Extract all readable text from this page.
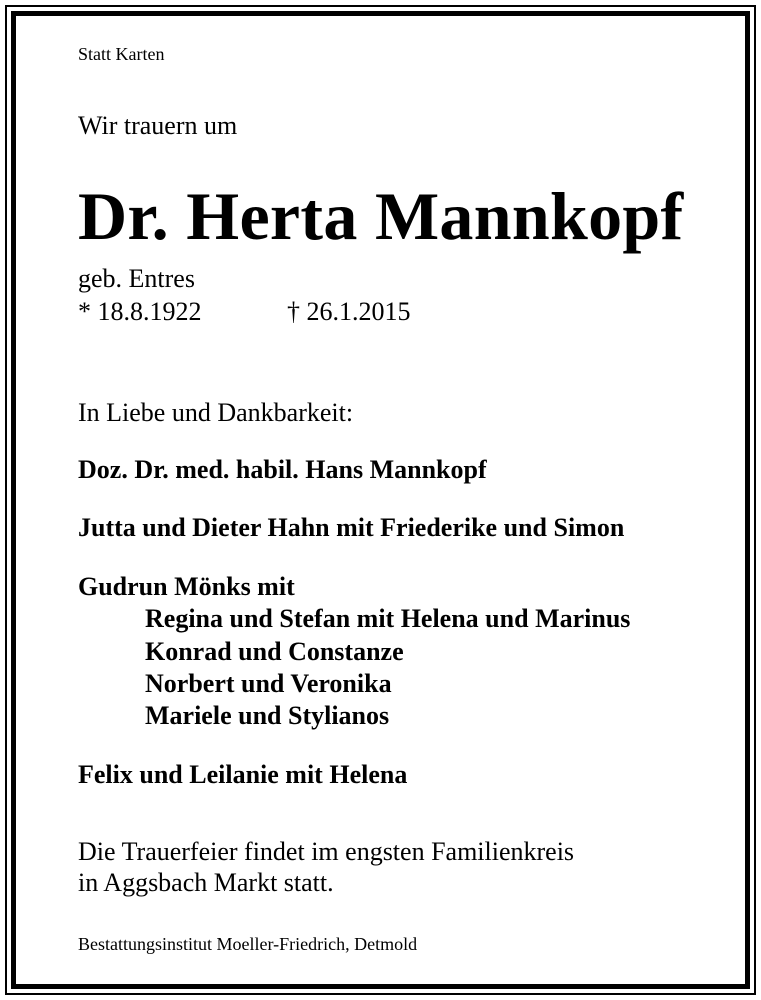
Statt Karten
Wir trauern um
Dr. Herta Mannkopf
geb. Entres
* 18.8.1922	† 26.1.2015
In Liebe und Dankbarkeit:
Doz. Dr. med. habil. Hans Mannkopf
Jutta und Dieter Hahn mit Friederike und Simon
Gudrun Mönks mit
Regina und Stefan mit Helena und Marinus
Konrad und Constanze
Norbert und Veronika
Mariele und Stylianos
Felix und Leilanie mit Helena
Die Trauerfeier findet im engsten Familienkreis
in Aggsbach Markt statt.
Bestattungsinstitut Moeller-Friedrich, Detmold
